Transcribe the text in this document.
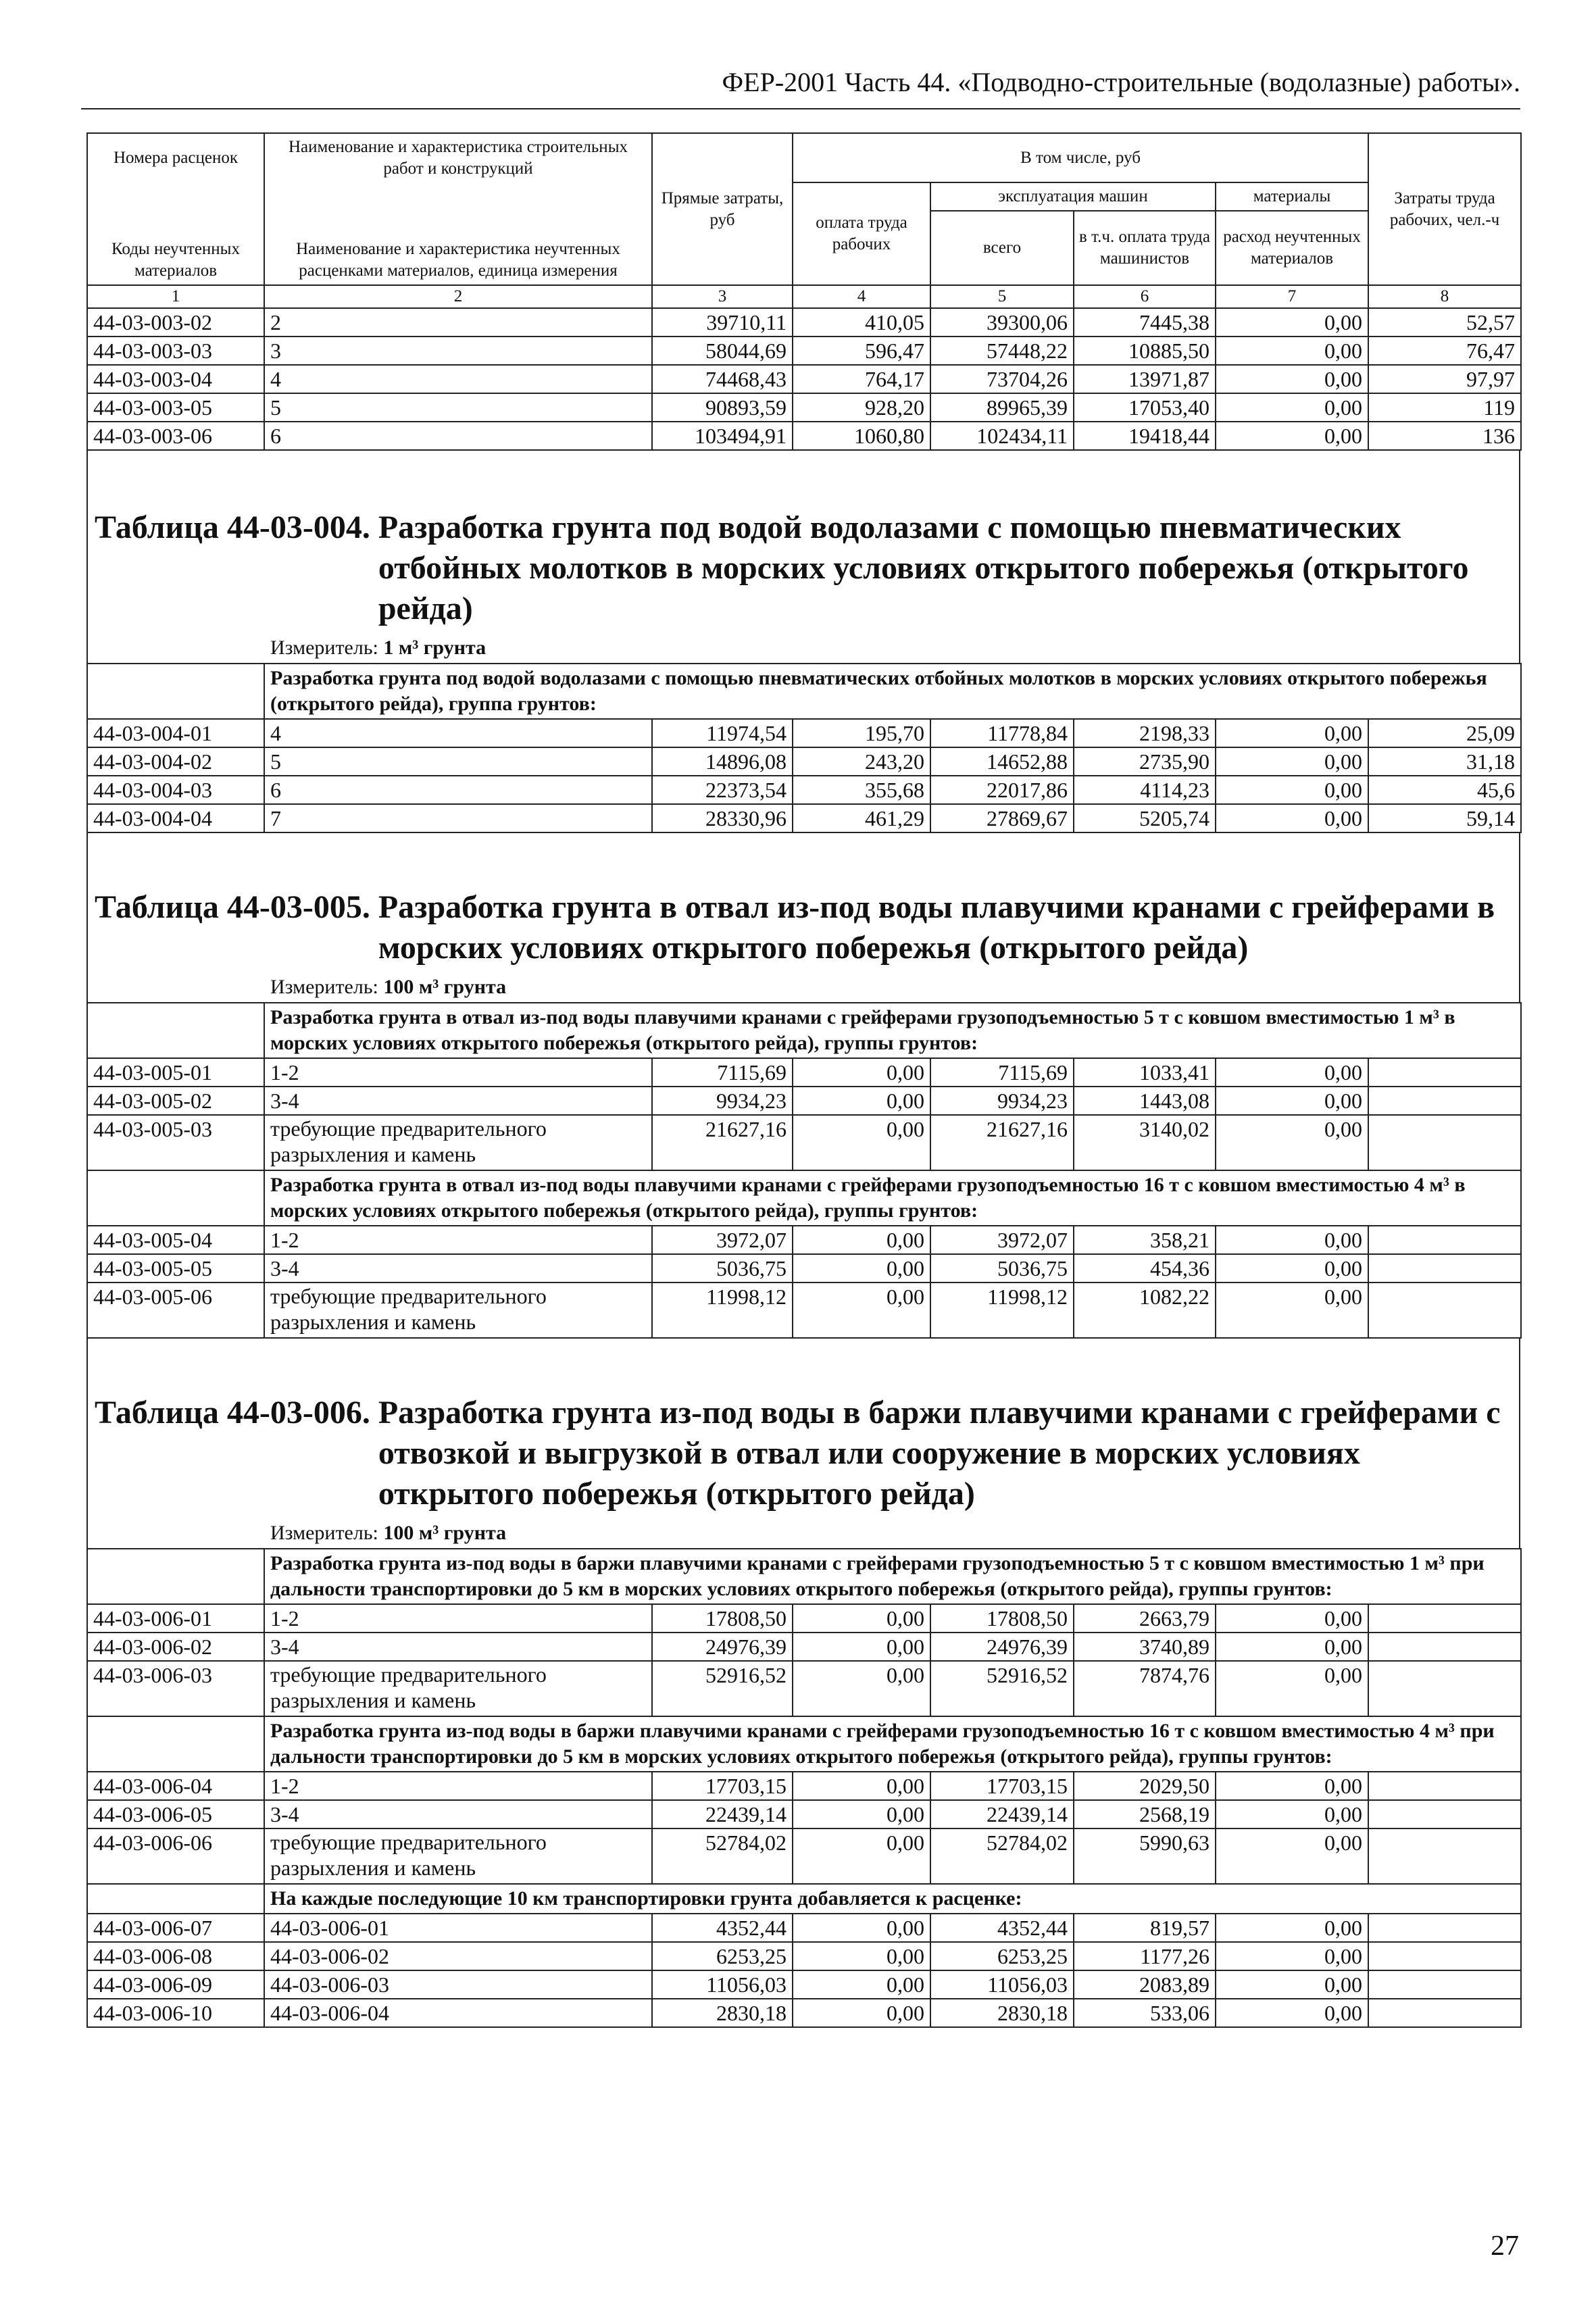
ФЕР-2001 Часть 44. «Подводно-строительные (водолазные) работы».
Номера расценок	Наименование и характеристика строительных работ и конструкций	Прямые затраты, руб	В том числе, руб				Затраты труда рабочих, чел.-ч
Коды неучтенных материалов	Наименование и характеристика неучтенных расценками материалов, единица измерения		оплата труда рабочих	эксплуатация машин		материалы	
				всего	в т.ч. оплата труда машинистов	расход неучтенных материалов	
1	2	3	4	5	6	7	8
44-03-003-02	2	39710,11	410,05	39300,06	7445,38	0,00	52,57
44-03-003-03	3	58044,69	596,47	57448,22	10885,50	0,00	76,47
44-03-003-04	4	74468,43	764,17	73704,26	13971,87	0,00	97,97
44-03-003-05	5	90893,59	928,20	89965,39	17053,40	0,00	119
44-03-003-06	6	103494,91	1060,80	102434,11	19418,44	0,00	136
Таблица 44-03-004.
Разработка грунта под водой водолазами с помощью пневматических отбойных молотков в морских условиях открытого побережья (открытого рейда)
Измеритель: 1 м³ грунта
	Разработка грунта под водой водолазами с помощью пневматических отбойных молотков в морских условиях открытого побережья (открытого рейда), группа грунтов:						
44-03-004-01	4	11974,54	195,70	11778,84	2198,33	0,00	25,09
44-03-004-02	5	14896,08	243,20	14652,88	2735,90	0,00	31,18
44-03-004-03	6	22373,54	355,68	22017,86	4114,23	0,00	45,6
44-03-004-04	7	28330,96	461,29	27869,67	5205,74	0,00	59,14
Таблица 44-03-005.
Разработка грунта в отвал из-под воды плавучими кранами с грейферами в морских условиях открытого побережья (открытого рейда)
Измеритель: 100 м³ грунта
	Разработка грунта в отвал из-под воды плавучими кранами с грейферами грузоподъемностью 5 т с ковшом вместимостью 1 м³ в морских условиях открытого побережья (открытого рейда), группы грунтов:						
44-03-005-01	1-2	7115,69	0,00	7115,69	1033,41	0,00	
44-03-005-02	3-4	9934,23	0,00	9934,23	1443,08	0,00	
44-03-005-03	требующие предварительного разрыхления и камень	21627,16	0,00	21627,16	3140,02	0,00	
	Разработка грунта в отвал из-под воды плавучими кранами с грейферами грузоподъемностью 16 т с ковшом вместимостью 4 м³ в морских условиях открытого побережья (открытого рейда), группы грунтов:						
44-03-005-04	1-2	3972,07	0,00	3972,07	358,21	0,00	
44-03-005-05	3-4	5036,75	0,00	5036,75	454,36	0,00	
44-03-005-06	требующие предварительного разрыхления и камень	11998,12	0,00	11998,12	1082,22	0,00	
Таблица 44-03-006.
Разработка грунта из-под воды в баржи плавучими кранами с грейферами с отвозкой и выгрузкой в отвал или сооружение в морских условиях открытого побережья (открытого рейда)
Измеритель: 100 м³ грунта
	Разработка грунта из-под воды в баржи плавучими кранами с грейферами грузоподъемностью 5 т с ковшом вместимостью 1 м³ при дальности транспортировки до 5 км в морских условиях открытого побережья (открытого рейда), группы грунтов:						
44-03-006-01	1-2	17808,50	0,00	17808,50	2663,79	0,00	
44-03-006-02	3-4	24976,39	0,00	24976,39	3740,89	0,00	
44-03-006-03	требующие предварительного разрыхления и камень	52916,52	0,00	52916,52	7874,76	0,00	
	Разработка грунта из-под воды в баржи плавучими кранами с грейферами грузоподъемностью 16 т с ковшом вместимостью 4 м³ при дальности транспортировки до 5 км в морских условиях открытого побережья (открытого рейда), группы грунтов:						
44-03-006-04	1-2	17703,15	0,00	17703,15	2029,50	0,00	
44-03-006-05	3-4	22439,14	0,00	22439,14	2568,19	0,00	
44-03-006-06	требующие предварительного разрыхления и камень	52784,02	0,00	52784,02	5990,63	0,00	
	На каждые последующие 10 км транспортировки грунта добавляется к расценке:						
44-03-006-07	44-03-006-01	4352,44	0,00	4352,44	819,57	0,00	
44-03-006-08	44-03-006-02	6253,25	0,00	6253,25	1177,26	0,00	
44-03-006-09	44-03-006-03	11056,03	0,00	11056,03	2083,89	0,00	
44-03-006-10	44-03-006-04	2830,18	0,00	2830,18	533,06	0,00	
27
